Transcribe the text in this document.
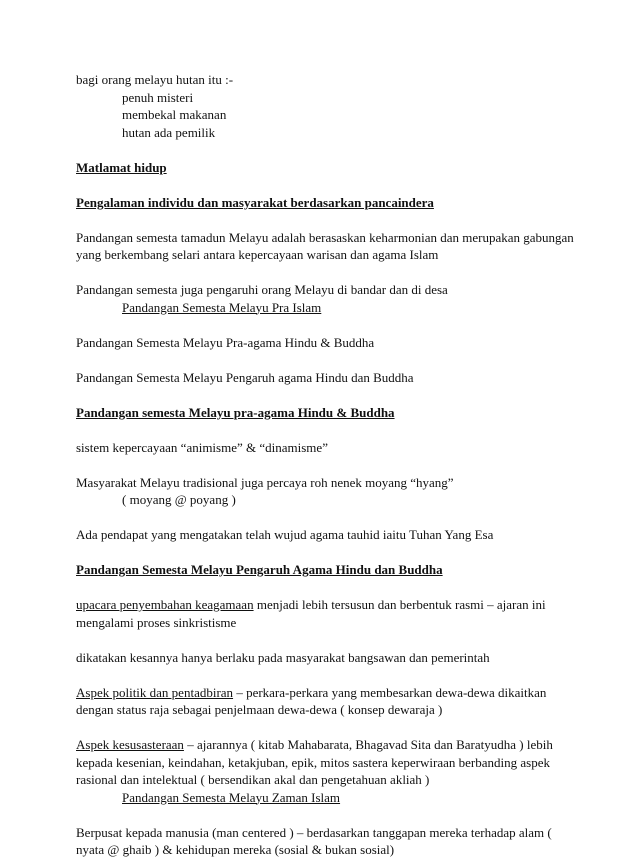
bagi orang melayu hutan itu :-

penuh misteri

membekal makanan

hutan ada pemilik

Matlamat hidup

Pengalaman individu dan masyarakat berdasarkan pancaindera

Pandangan semesta tamadun Melayu adalah berasaskan keharmonian dan merupakan gabungan

yang berkembang selari antara kepercayaan warisan dan agama Islam

Pandangan semesta juga pengaruhi orang Melayu di bandar dan di desa

Pandangan Semesta Melayu Pra Islam

Pandangan Semesta Melayu Pra-agama Hindu & Buddha

Pandangan Semesta Melayu Pengaruh agama Hindu dan Buddha

Pandangan semesta Melayu pra-agama Hindu & Buddha

sistem kepercayaan “animisme” & “dinamisme”

Masyarakat Melayu tradisional juga percaya roh nenek moyang “hyang”

( moyang @ poyang )

Ada pendapat yang mengatakan telah wujud agama tauhid iaitu Tuhan Yang Esa

Pandangan Semesta Melayu Pengaruh Agama Hindu dan Buddha

upacara penyembahan keagamaan menjadi lebih tersusun dan berbentuk rasmi – ajaran ini

mengalami proses sinkristisme

dikatakan kesannya hanya berlaku pada masyarakat bangsawan dan pemerintah

Aspek politik dan pentadbiran – perkara-perkara yang membesarkan dewa-dewa dikaitkan

dengan status raja sebagai penjelmaan dewa-dewa ( konsep dewaraja )

Aspek kesusasteraan – ajarannya ( kitab Mahabarata, Bhagavad Sita dan Baratyudha ) lebih

kepada kesenian, keindahan, ketakjuban, epik, mitos sastera keperwiraan berbanding aspek

rasional dan intelektual ( bersendikan akal dan pengetahuan akliah )

Pandangan Semesta Melayu Zaman Islam

Berpusat kepada manusia (man centered ) – berdasarkan tanggapan mereka terhadap alam (

nyata @ ghaib ) & kehidupan mereka (sosial & bukan sosial)
